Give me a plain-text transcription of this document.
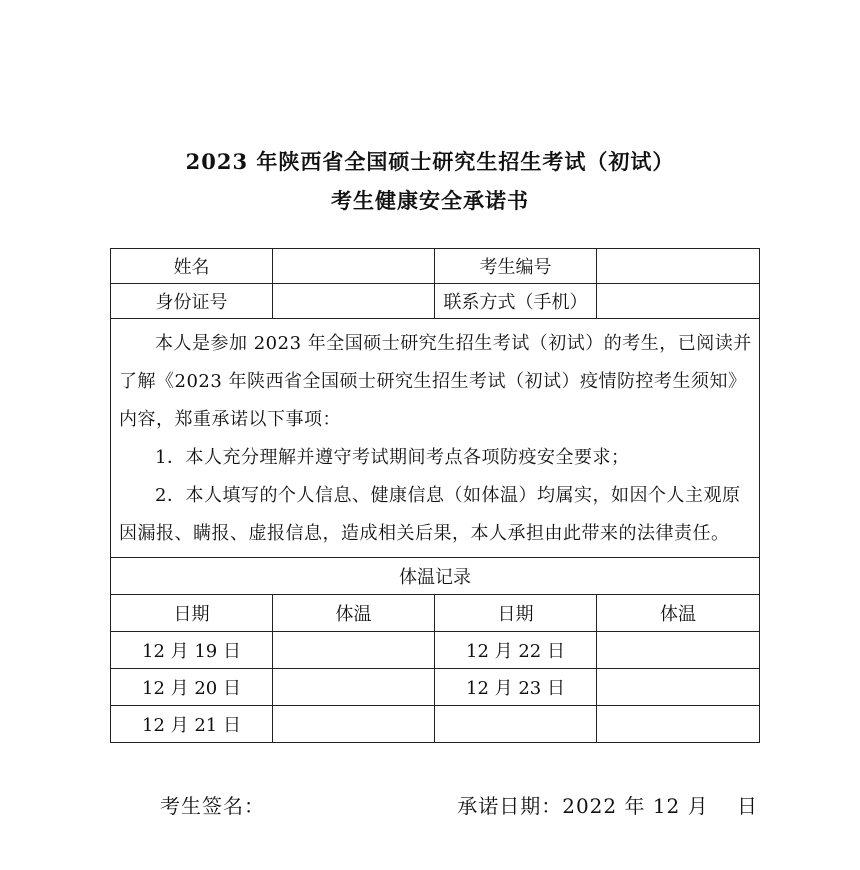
2023 年陕西省全国硕士研究生招生考试（初试）
考生健康安全承诺书
姓名		考生编号	
身份证号		联系方式（手机）	

本人是参加 2023 年全国硕士研究生招生考试（初试）的考生，已阅读并了解《2023 年陕西省全国硕士研究生招生考试（初试）疫情防控考生须知》内容，郑重承诺以下事项：

1．本人充分理解并遵守考试期间考点各项防疫安全要求；

2．本人填写的个人信息、健康信息（如体温）均属实，如因个人主观原因漏报、瞒报、虚报信息，造成相关后果，本人承担由此带来的法律责任。			

体温记录			
日期	体温	日期	体温
12 月 19 日		12 月 22 日	
12 月 20 日		12 月 23 日	
12 月 21 日			
考生签名：	承诺日期：2022 年 12 月　 日
